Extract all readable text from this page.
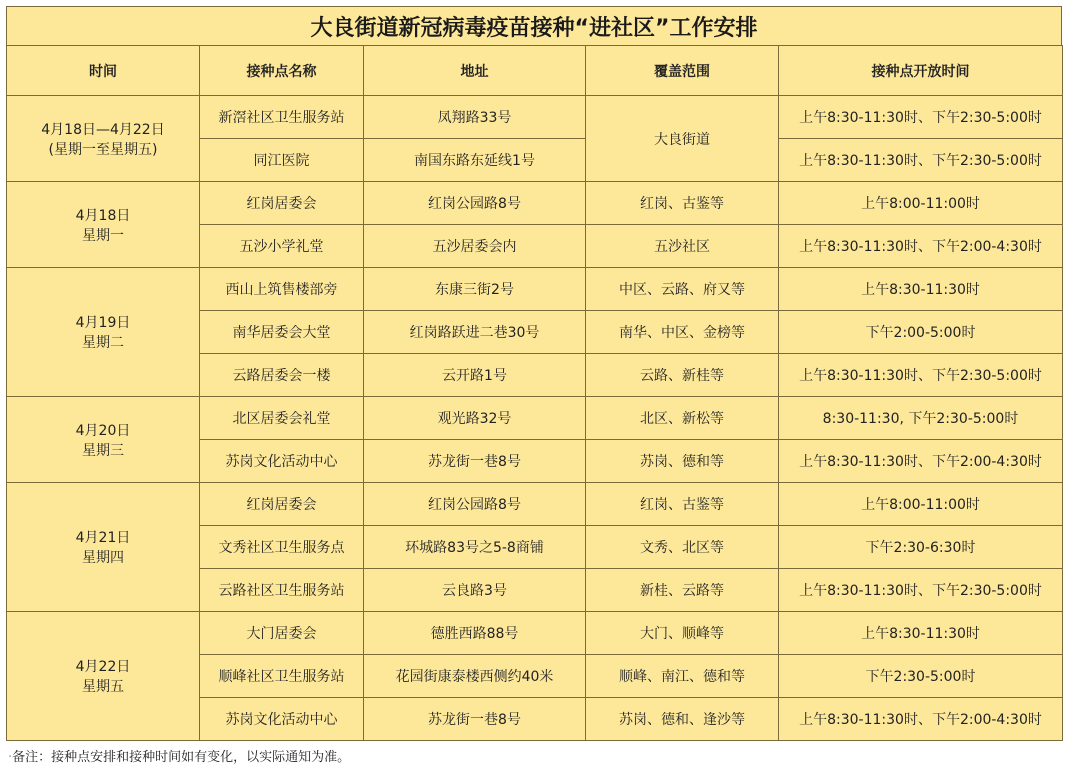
大良街道新冠病毒疫苗接种“进社区”工作安排
时间	接种点名称	地址	覆盖范围	接种点开放时间

4月18日—4月22日
(星期一至星期五)	新滘社区卫生服务站	凤翔路33号	大良街道	上午8:30-11:30时、下午2:30-5:00时
	同江医院	南国东路东延线1号		上午8:30-11:30时、下午2:30-5:00时

4月18日
星期一	红岗居委会	红岗公园路8号	红岗、古鉴等	上午8:00-11:00时
	五沙小学礼堂	五沙居委会内	五沙社区	上午8:30-11:30时、下午2:00-4:30时

4月19日
星期二	西山上筑售楼部旁	东康三街2号	中区、云路、府又等	上午8:30-11:30时
	南华居委会大堂	红岗路跃进二巷30号	南华、中区、金榜等	下午2:00-5:00时
	云路居委会一楼	云开路1号	云路、新桂等	上午8:30-11:30时、下午2:30-5:00时

4月20日
星期三	北区居委会礼堂	观光路32号	北区、新松等	8:30-11:30, 下午2:30-5:00时
	苏岗文化活动中心	苏龙街一巷8号	苏岗、德和等	上午8:30-11:30时、下午2:00-4:30时

4月21日
星期四	红岗居委会	红岗公园路8号	红岗、古鉴等	上午8:00-11:00时
	文秀社区卫生服务点	环城路83号之5-8商铺	文秀、北区等	下午2:30-6:30时
	云路社区卫生服务站	云良路3号	新桂、云路等	上午8:30-11:30时、下午2:30-5:00时

4月22日
星期五	大门居委会	德胜西路88号	大门、顺峰等	上午8:30-11:30时
	顺峰社区卫生服务站	花园街康泰楼西侧约40米	顺峰、南江、德和等	下午2:30-5:00时
	苏岗文化活动中心	苏龙街一巷8号	苏岗、德和、逢沙等	上午8:30-11:30时、下午2:00-4:30时
·备注：接种点安排和接种时间如有变化，以实际通知为准。
